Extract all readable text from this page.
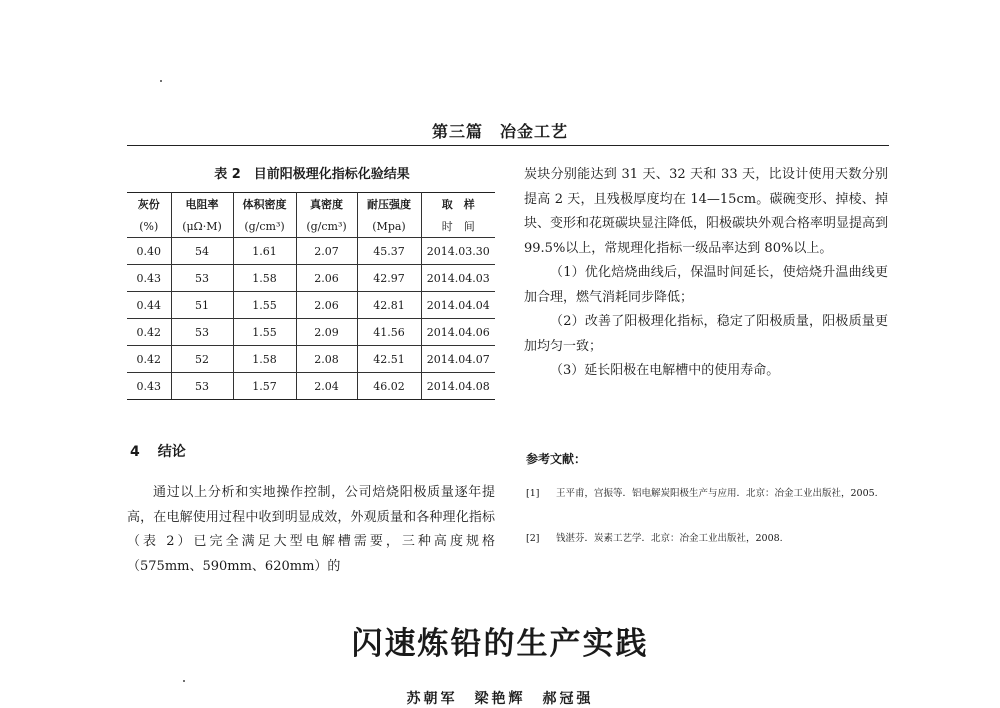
第三篇　冶金工艺
表 2　目前阳极理化指标化验结果
灰份	电阻率	体积密度	真密度	耐压强度	取　样
(%)	(μΩ·M)	(g/cm³)	(g/cm³)	(Mpa)	时　间
0.40	54	1.61	2.07	45.37	2014.03.30
0.43	53	1.58	2.06	42.97	2014.04.03
0.44	51	1.55	2.06	42.81	2014.04.04
0.42	53	1.55	2.09	41.56	2014.04.06
0.42	52	1.58	2.08	42.51	2014.04.07
0.43	53	1.57	2.04	46.02	2014.04.08
4 结论

通过以上分析和实地操作控制，公司焙烧阳极质量逐年提高，在电解使用过程中收到明显成效，外观质量和各种理化指标（表 2）已完全满足大型电解槽需要，三种高度规格（575mm、590mm、620mm）的

炭块分别能达到 31 天、32 天和 33 天，比设计使用天数分别提高 2 天，且残极厚度均在 14—15cm。碳碗变形、掉棱、掉块、变形和花斑碳块显注降低，阳极碳块外观合格率明显提高到 99.5%以上，常规理化指标一级品率达到 80%以上。

（1）优化焙烧曲线后，保温时间延长，使焙烧升温曲线更加合理，燃气消耗同步降低；

（2）改善了阳极理化指标，稳定了阳极质量，阳极质量更加均匀一致；

（3）延长阳极在电解槽中的使用寿命。

参考文献：
[1] 王平甫，宫振等．铝电解炭阳极生产与应用．北京：冶金工业出版社，2005.
[2] 钱湛芬．炭素工艺学．北京：冶金工业出版社，2008.
闪速炼铅的生产实践
苏朝军　梁艳辉　郝冠强
